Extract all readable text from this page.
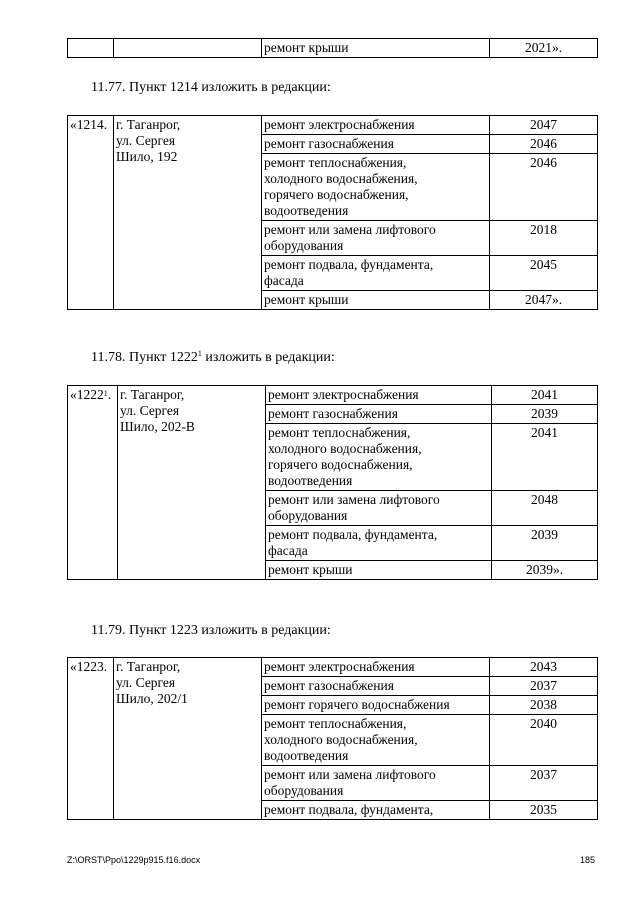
		ремонт крыши	2021».
11.77. Пункт 1214 изложить в редакции:
«1214.	г. Таганрог,
ул. Сергея
Шило, 192	ремонт электроснабжения	2047
		ремонт газоснабжения	2046
		ремонт теплоснабжения,
холодного водоснабжения,
горячего водоснабжения,
водоотведения	2046
		ремонт или замена лифтового
оборудования	2018
		ремонт подвала, фундамента,
фасада	2045
		ремонт крыши	2047».
11.78. Пункт 1222$^1$ изложить в редакции:
«1222$^1$.	г. Таганрог,
ул. Сергея
Шило, 202-В	ремонт электроснабжения	2041
		ремонт газоснабжения	2039
		ремонт теплоснабжения,
холодного водоснабжения,
горячего водоснабжения,
водоотведения	2041
		ремонт или замена лифтового
оборудования	2048
		ремонт подвала, фундамента,
фасада	2039
		ремонт крыши	2039».
11.79. Пункт 1223 изложить в редакции:
«1223.	г. Таганрог,
ул. Сергея
Шило, 202/1	ремонт электроснабжения	2043
		ремонт газоснабжения	2037
		ремонт горячего водоснабжения	2038
		ремонт теплоснабжения,
холодного водоснабжения,
водоотведения	2040
		ремонт или замена лифтового
оборудования	2037
		ремонт подвала, фундамента,	2035
Z:\ORST\Ppo\1229p915.f16.docx	185
